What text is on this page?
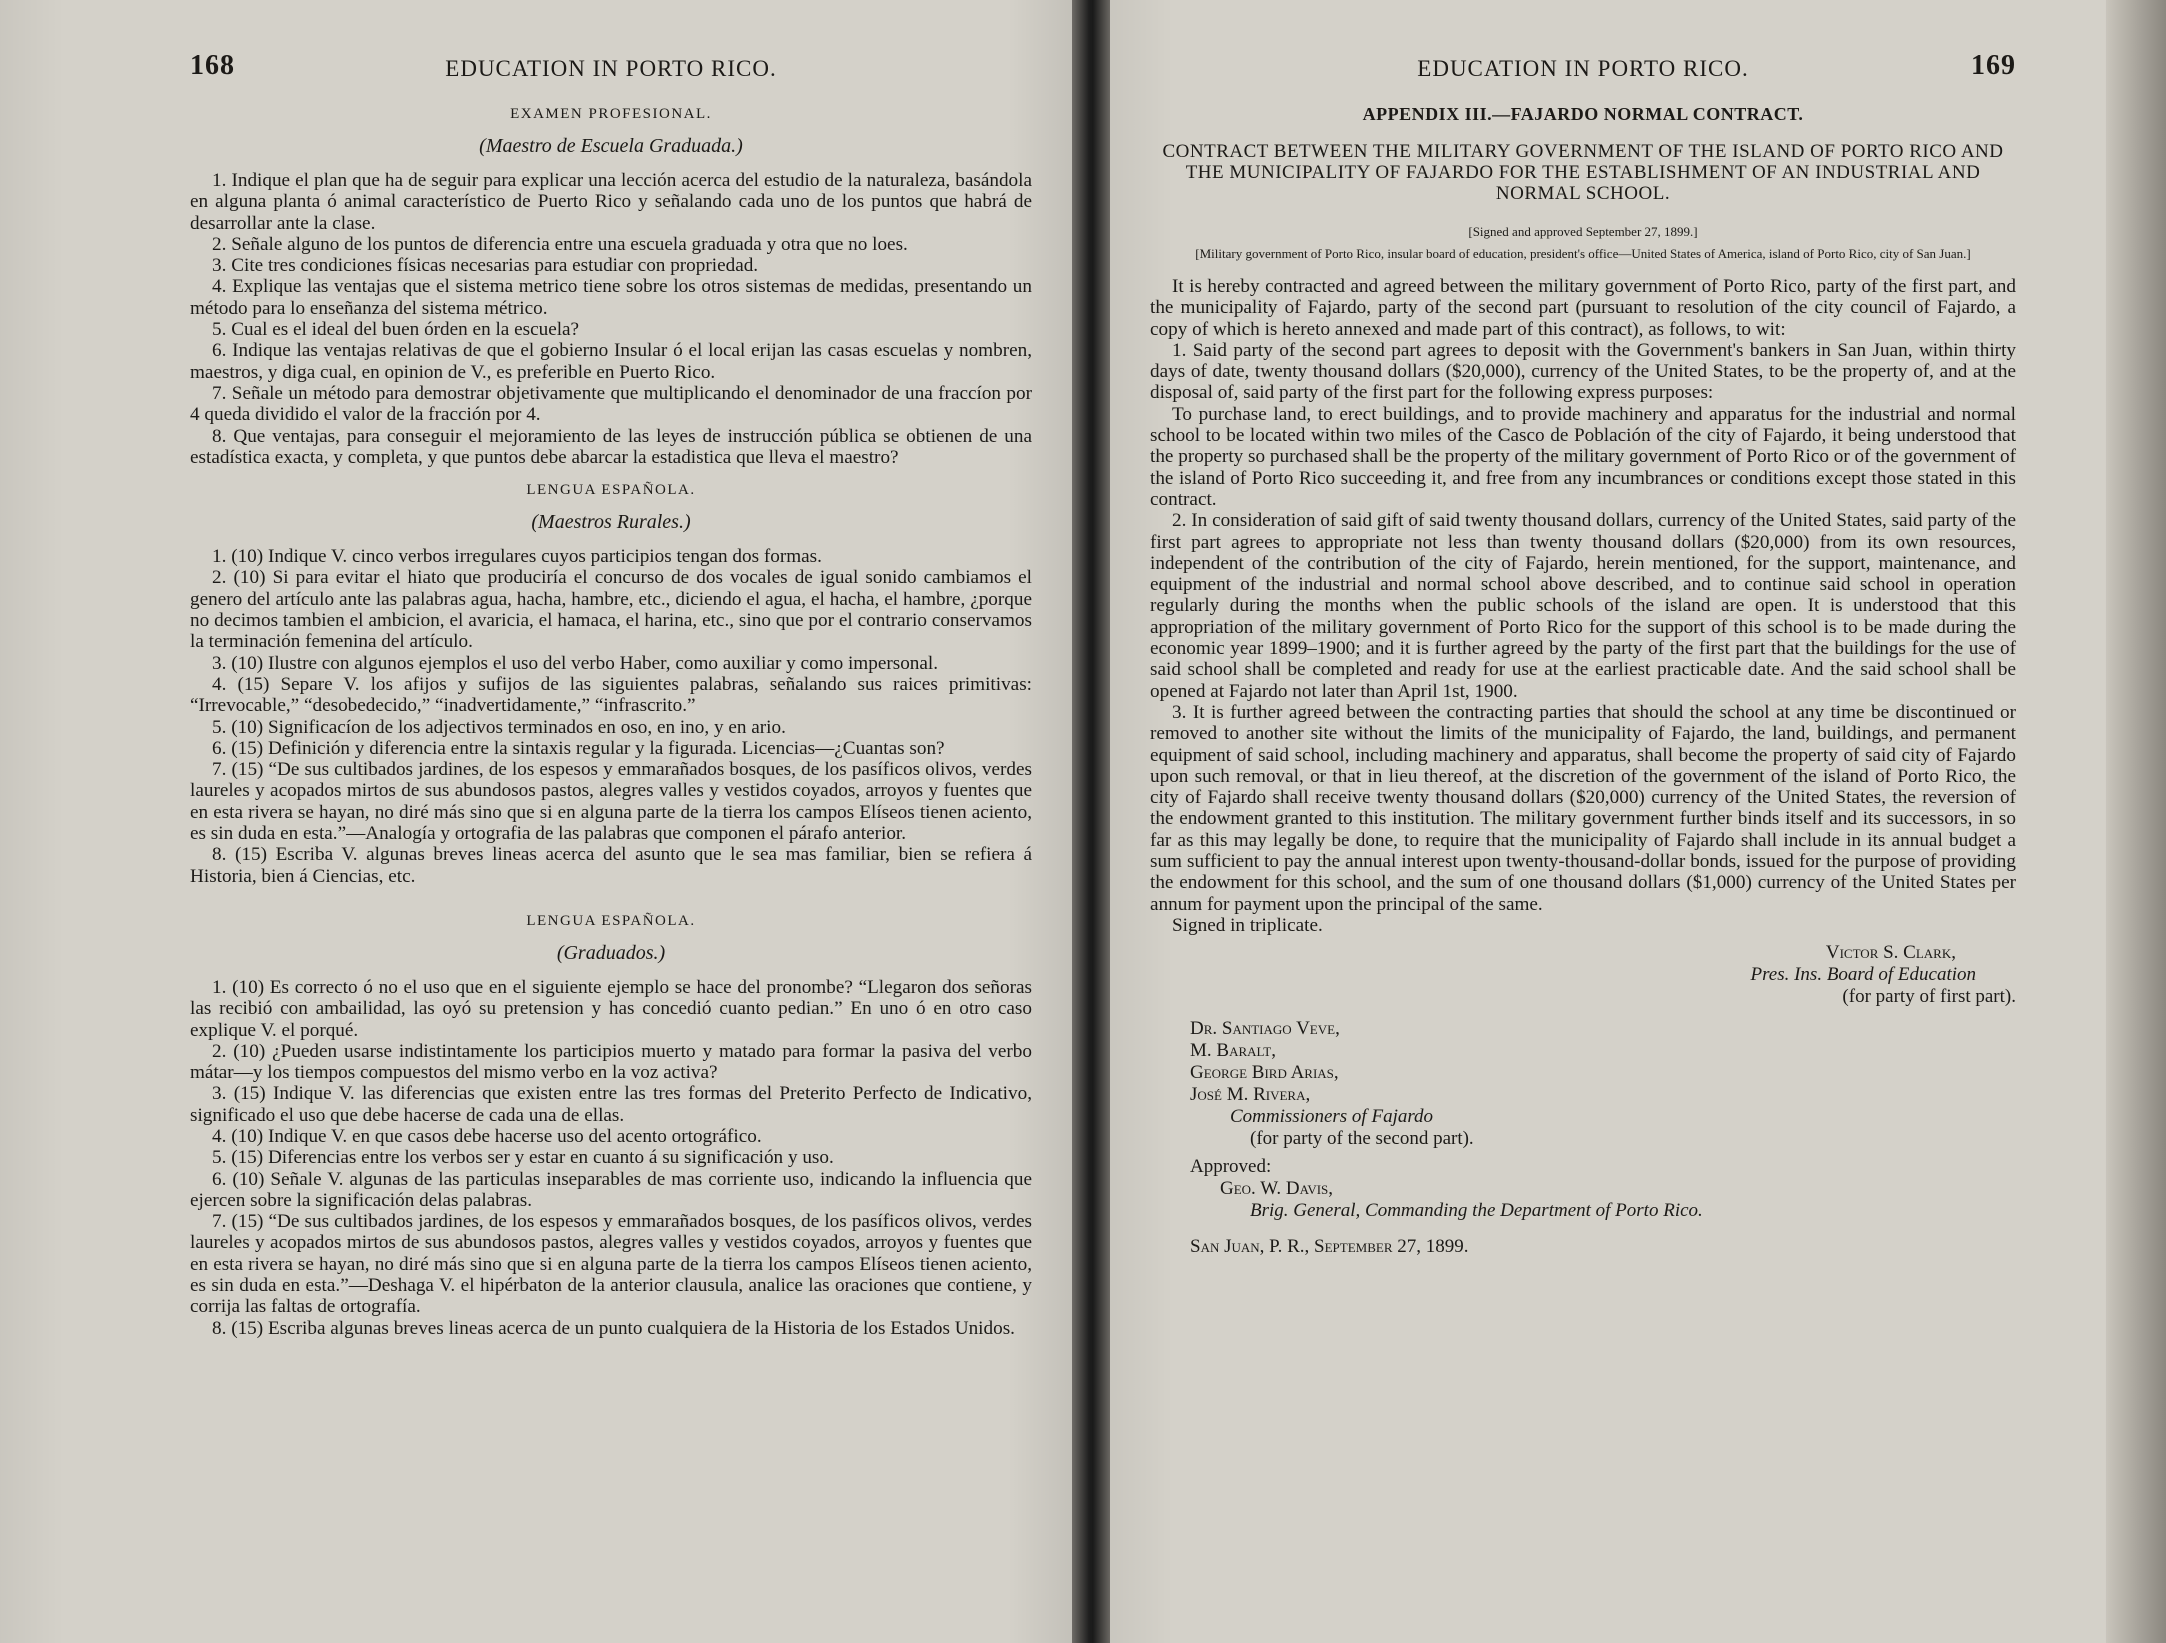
168	EDUCATION IN PORTO RICO.
EXAMEN PROFESIONAL.
(Maestro de Escuela Graduada.)

1. Indique el plan que ha de seguir para explicar una lección acerca del estudio de la naturaleza, basándola en alguna planta ó animal característico de Puerto Rico y señalando cada uno de los puntos que habrá de desarrollar ante la clase.

2. Señale alguno de los puntos de diferencia entre una escuela graduada y otra que no loes.

3. Cite tres condiciones físicas necesarias para estudiar con propriedad.

4. Explique las ventajas que el sistema metrico tiene sobre los otros sistemas de medidas, presentando un método para lo enseñanza del sistema métrico.

5. Cual es el ideal del buen órden en la escuela?

6. Indique las ventajas relativas de que el gobierno Insular ó el local erijan las casas escuelas y nombren, maestros, y diga cual, en opinion de V., es preferible en Puerto Rico.

7. Señale un método para demostrar objetivamente que multiplicando el denominador de una fraccíon por 4 queda dividido el valor de la fracción por 4.

8. Que ventajas, para conseguir el mejoramiento de las leyes de instrucción pública se obtienen de una estadística exacta, y completa, y que puntos debe abarcar la estadistica que lleva el maestro?

LENGUA ESPAÑOLA.
(Maestros Rurales.)

1. (10) Indique V. cinco verbos irregulares cuyos participios tengan dos formas.

2. (10) Si para evitar el hiato que produciría el concurso de dos vocales de igual sonido cambiamos el genero del artículo ante las palabras agua, hacha, hambre, etc., diciendo el agua, el hacha, el hambre, ¿porque no decimos tambien el ambicion, el avaricia, el hamaca, el harina, etc., sino que por el contrario conservamos la terminación femenina del artículo.

3. (10) Ilustre con algunos ejemplos el uso del verbo Haber, como auxiliar y como impersonal.

4. (15) Separe V. los afijos y sufijos de las siguientes palabras, señalando sus raices primitivas: “Irrevocable,” “desobedecido,” “inadvertidamente,” “infrascrito.”

5. (10) Significacíon de los adjectivos terminados en oso, en ino, y en ario.

6. (15) Definición y diferencia entre la sintaxis regular y la figurada. Licencias—¿Cuantas son?

7. (15) “De sus cultibados jardines, de los espesos y emmarañados bosques, de los pasíficos olivos, verdes laureles y acopados mirtos de sus abundosos pastos, alegres valles y vestidos coyados, arroyos y fuentes que en esta rivera se hayan, no diré más sino que si en alguna parte de la tierra los campos Elíseos tienen aciento, es sin duda en esta.”—Analogía y ortografia de las palabras que componen el párafo anterior.

8. (15) Escriba V. algunas breves lineas acerca del asunto que le sea mas familiar, bien se refiera á Historia, bien á Ciencias, etc.

LENGUA ESPAÑOLA.
(Graduados.)

1. (10) Es correcto ó no el uso que en el siguiente ejemplo se hace del pronombe? “Llegaron dos señoras las recibió con ambailidad, las oyó su pretension y has concedió cuanto pedian.” En uno ó en otro caso explique V. el porqué.

2. (10) ¿Pueden usarse indistintamente los participios muerto y matado para formar la pasiva del verbo mátar—y los tiempos compuestos del mismo verbo en la voz activa?

3. (15) Indique V. las diferencias que existen entre las tres formas del Preterito Perfecto de Indicativo, significado el uso que debe hacerse de cada una de ellas.

4. (10) Indique V. en que casos debe hacerse uso del acento ortográfico.

5. (15) Diferencias entre los verbos ser y estar en cuanto á su significación y uso.

6. (10) Señale V. algunas de las particulas inseparables de mas corriente uso, indicando la influencia que ejercen sobre la significación delas palabras.

7. (15) “De sus cultibados jardines, de los espesos y emmarañados bosques, de los pasíficos olivos, verdes laureles y acopados mirtos de sus abundosos pastos, alegres valles y vestidos coyados, arroyos y fuentes que en esta rivera se hayan, no diré más sino que si en alguna parte de la tierra los campos Elíseos tienen aciento, es sin duda en esta.”—Deshaga V. el hipérbaton de la anterior clausula, analice las oraciones que contiene, y corrija las faltas de ortografía.

8. (15) Escriba algunas breves lineas acerca de un punto cualquiera de la Historia de los Estados Unidos.

EDUCATION IN PORTO RICO.	169
APPENDIX III.—FAJARDO NORMAL CONTRACT.
CONTRACT BETWEEN THE MILITARY GOVERNMENT OF THE ISLAND OF PORTO RICO AND THE MUNICIPALITY OF FAJARDO FOR THE ESTABLISHMENT OF AN INDUSTRIAL AND NORMAL SCHOOL.
[Signed and approved September 27, 1899.]
[Military government of Porto Rico, insular board of education, president's office—United States of America, island of Porto Rico, city of San Juan.]

It is hereby contracted and agreed between the military government of Porto Rico, party of the first part, and the municipality of Fajardo, party of the second part (pursuant to resolution of the city council of Fajardo, a copy of which is hereto annexed and made part of this contract), as follows, to wit:

1. Said party of the second part agrees to deposit with the Government's bankers in San Juan, within thirty days of date, twenty thousand dollars ($20,000), currency of the United States, to be the property of, and at the disposal of, said party of the first part for the following express purposes:

To purchase land, to erect buildings, and to provide machinery and apparatus for the industrial and normal school to be located within two miles of the Casco de Población of the city of Fajardo, it being understood that the property so purchased shall be the property of the military government of Porto Rico or of the government of the island of Porto Rico succeeding it, and free from any incumbrances or conditions except those stated in this contract.

2. In consideration of said gift of said twenty thousand dollars, currency of the United States, said party of the first part agrees to appropriate not less than twenty thousand dollars ($20,000) from its own resources, independent of the contribution of the city of Fajardo, herein mentioned, for the support, maintenance, and equipment of the industrial and normal school above described, and to continue said school in operation regularly during the months when the public schools of the island are open. It is understood that this appropriation of the military government of Porto Rico for the support of this school is to be made during the economic year 1899–1900; and it is further agreed by the party of the first part that the buildings for the use of said school shall be completed and ready for use at the earliest practicable date. And the said school shall be opened at Fajardo not later than April 1st, 1900.

3. It is further agreed between the contracting parties that should the school at any time be discontinued or removed to another site without the limits of the municipality of Fajardo, the land, buildings, and permanent equipment of said school, including machinery and apparatus, shall become the property of said city of Fajardo upon such removal, or that in lieu thereof, at the discretion of the government of the island of Porto Rico, the city of Fajardo shall receive twenty thousand dollars ($20,000) currency of the United States, the reversion of the endowment granted to this institution. The military government further binds itself and its successors, in so far as this may legally be done, to require that the municipality of Fajardo shall include in its annual budget a sum sufficient to pay the annual interest upon twenty-thousand-dollar bonds, issued for the purpose of providing the endowment for this school, and the sum of one thousand dollars ($1,000) currency of the United States per annum for payment upon the principal of the same.

Signed in triplicate.

Victor S. Clark,
Pres. Ins. Board of Education
(for party of first part).
Dr. Santiago Veve,
M. Baralt,
George Bird Arias,
José M. Rivera,
Commissioners of Fajardo
(for party of the second part).
Approved:
Geo. W. Davis,
Brig. General, Commanding the Department of Porto Rico.
San Juan, P. R., September 27, 1899.
